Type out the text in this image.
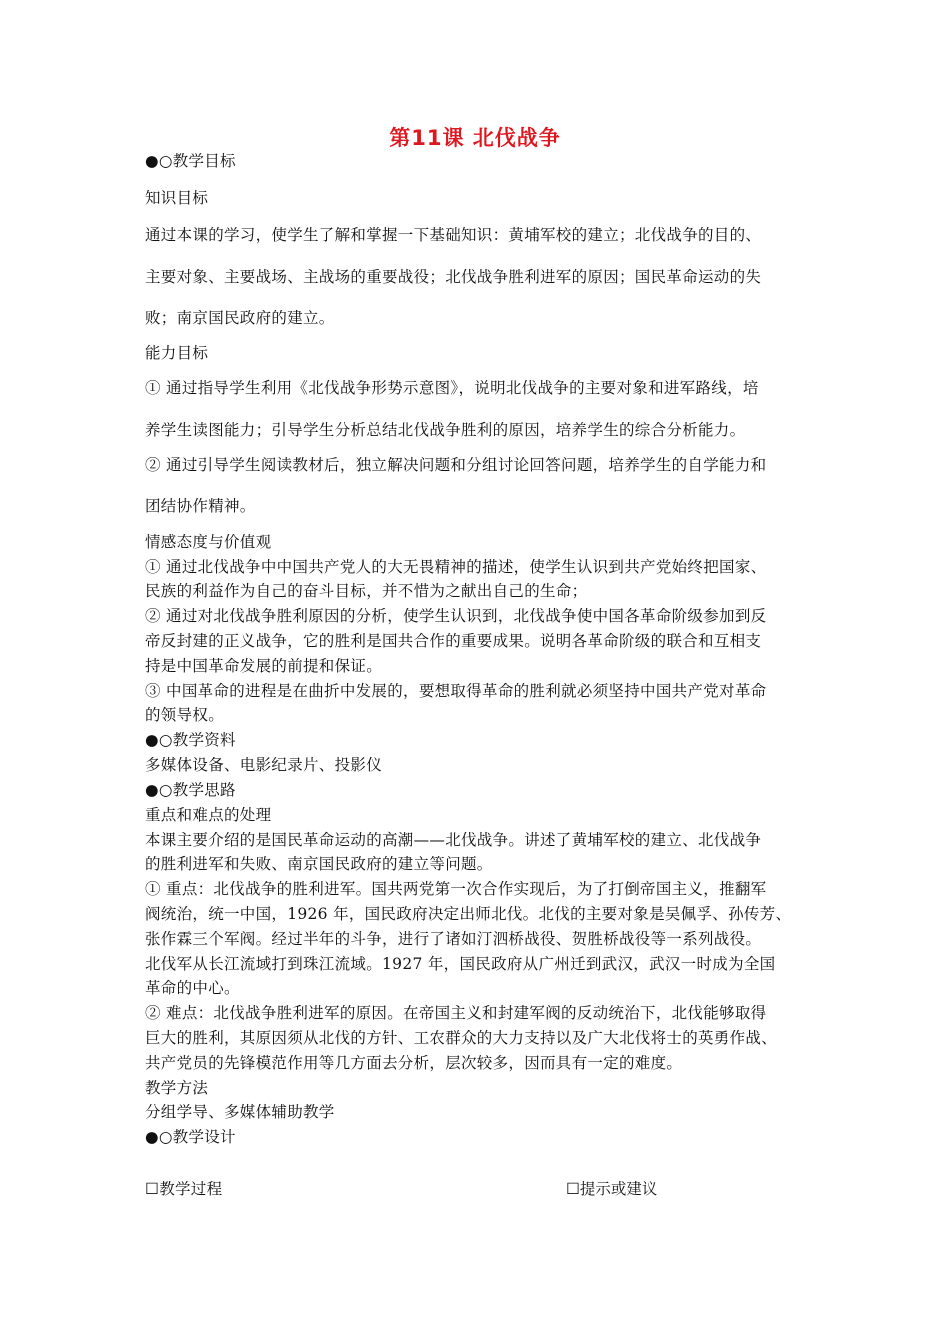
第11课 北伐战争
●○教学目标
知识目标
通过本课的学习，使学生了解和掌握一下基础知识：黄埔军校的建立；北伐战争的目的、
主要对象、主要战场、主战场的重要战役；北伐战争胜利进军的原因；国民革命运动的失
败；南京国民政府的建立。
能力目标
① 通过指导学生利用《北伐战争形势示意图》，说明北伐战争的主要对象和进军路线，培
养学生读图能力；引导学生分析总结北伐战争胜利的原因，培养学生的综合分析能力。
② 通过引导学生阅读教材后，独立解决问题和分组讨论回答问题，培养学生的自学能力和
团结协作精神。
情感态度与价值观
① 通过北伐战争中中国共产党人的大无畏精神的描述，使学生认识到共产党始终把国家、
民族的利益作为自己的奋斗目标，并不惜为之献出自己的生命；
② 通过对北伐战争胜利原因的分析，使学生认识到，北伐战争使中国各革命阶级参加到反
帝反封建的正义战争，它的胜利是国共合作的重要成果。说明各革命阶级的联合和互相支
持是中国革命发展的前提和保证。
③ 中国革命的进程是在曲折中发展的，要想取得革命的胜利就必须坚持中国共产党对革命
的领导权。
●○教学资料
多媒体设备、电影纪录片、投影仪
●○教学思路
重点和难点的处理
本课主要介绍的是国民革命运动的高潮——北伐战争。讲述了黄埔军校的建立、北伐战争
的胜利进军和失败、南京国民政府的建立等问题。
① 重点：北伐战争的胜利进军。国共两党第一次合作实现后，为了打倒帝国主义，推翻军
阀统治，统一中国，1926 年，国民政府决定出师北伐。北伐的主要对象是吴佩孚、孙传芳、
张作霖三个军阀。经过半年的斗争，进行了诸如汀泗桥战役、贺胜桥战役等一系列战役。
北伐军从长江流域打到珠江流域。1927 年，国民政府从广州迁到武汉，武汉一时成为全国
革命的中心。
② 难点：北伐战争胜利进军的原因。在帝国主义和封建军阀的反动统治下，北伐能够取得
巨大的胜利，其原因须从北伐的方针、工农群众的大力支持以及广大北伐将士的英勇作战、
共产党员的先锋模范作用等几方面去分析，层次较多，因而具有一定的难度。
教学方法
分组学导、多媒体辅助教学
●○教学设计
☐教学过程	☐提示或建议
